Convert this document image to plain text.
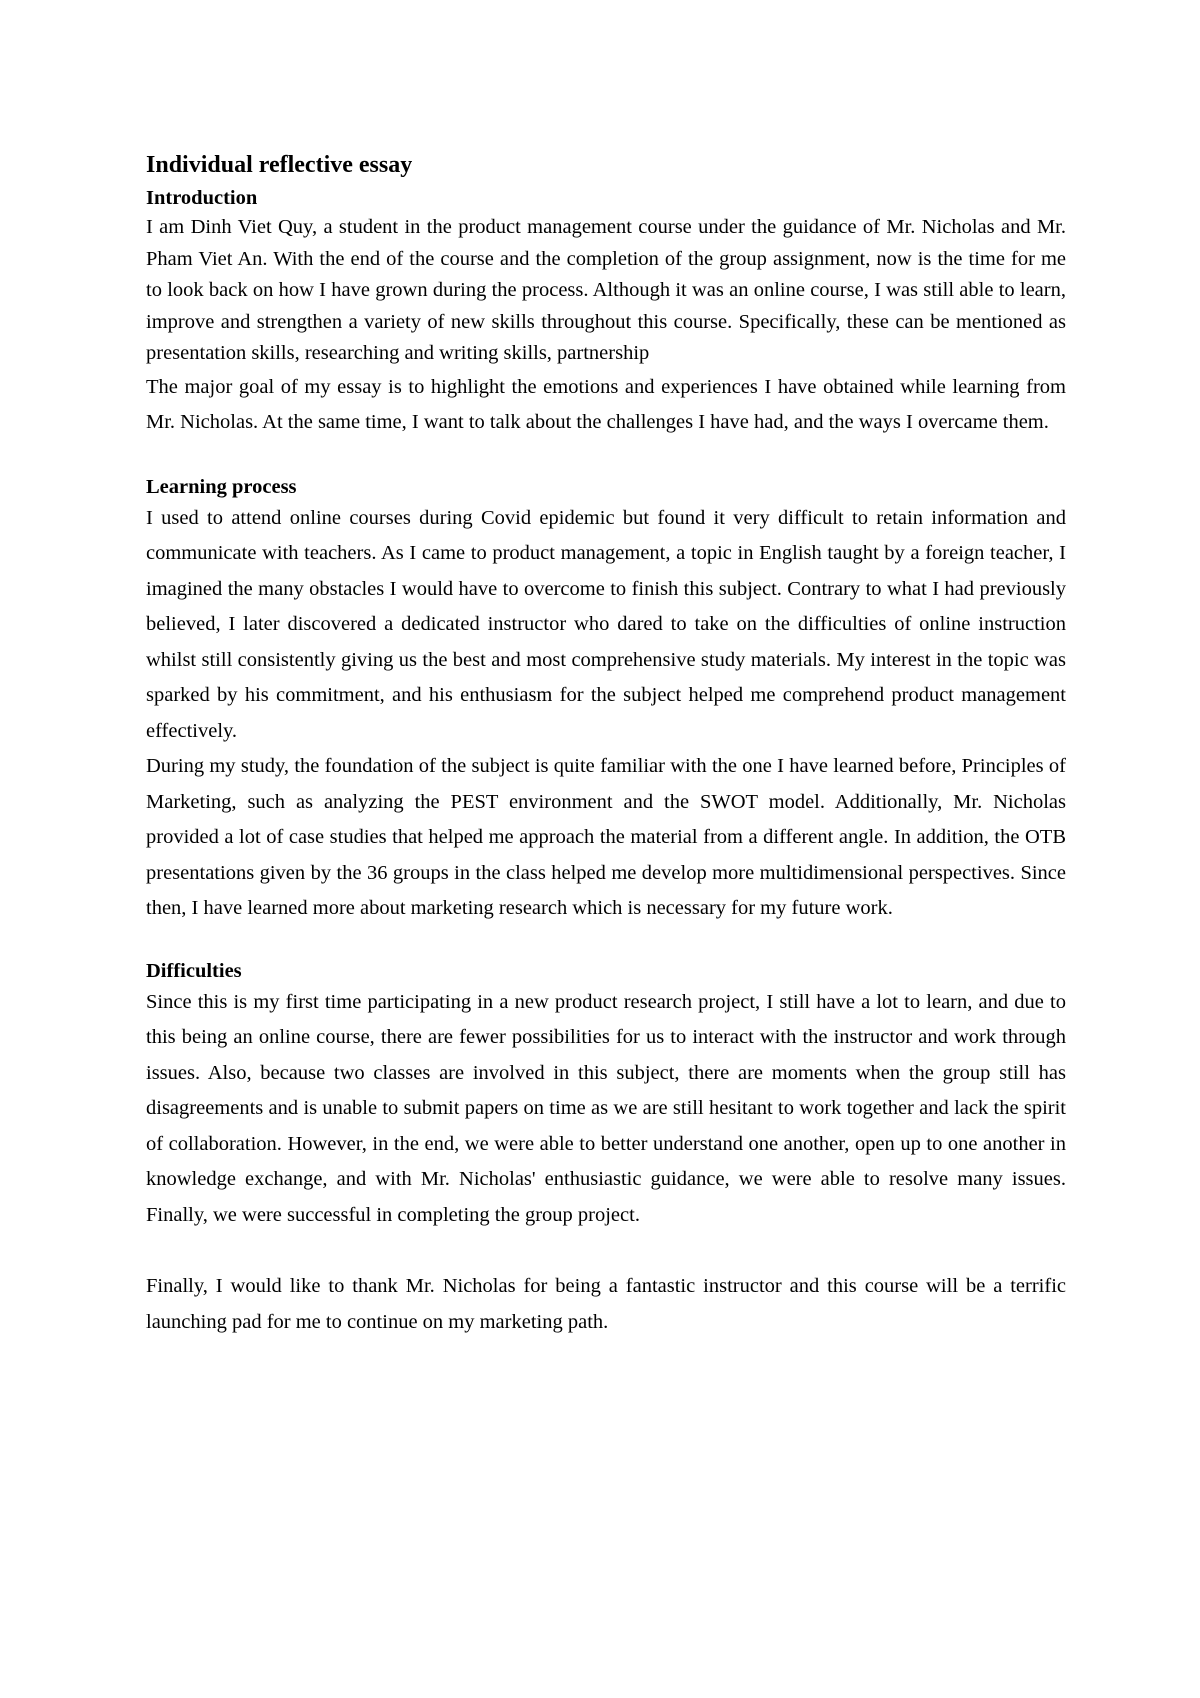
Individual reflective essay
Introduction

I am Dinh Viet Quy, a student in the product management course under the guidance of Mr. Nicholas and Mr. Pham Viet An. With the end of the course and the completion of the group assignment, now is the time for me to look back on how I have grown during the process. Although it was an online course, I was still able to learn, improve and strengthen a variety of new skills throughout this course. Specifically, these can be mentioned as presentation skills, researching and writing skills, partnership

The major goal of my essay is to highlight the emotions and experiences I have obtained while learning from Mr. Nicholas. At the same time, I want to talk about the challenges I have had, and the ways I overcame them.

Learning process

I used to attend online courses during Covid epidemic but found it very difficult to retain information and communicate with teachers. As I came to product management, a topic in English taught by a foreign teacher, I imagined the many obstacles I would have to overcome to finish this subject. Contrary to what I had previously believed, I later discovered a dedicated instructor who dared to take on the difficulties of online instruction whilst still consistently giving us the best and most comprehensive study materials. My interest in the topic was sparked by his commitment, and his enthusiasm for the subject helped me comprehend product management effectively.

During my study, the foundation of the subject is quite familiar with the one I have learned before, Principles of Marketing, such as analyzing the PEST environment and the SWOT model. Additionally, Mr. Nicholas provided a lot of case studies that helped me approach the material from a different angle. In addition, the OTB presentations given by the 36 groups in the class helped me develop more multidimensional perspectives. Since then, I have learned more about marketing research which is necessary for my future work.

Difficulties

Since this is my first time participating in a new product research project, I still have a lot to learn, and due to this being an online course, there are fewer possibilities for us to interact with the instructor and work through issues. Also, because two classes are involved in this subject, there are moments when the group still has disagreements and is unable to submit papers on time as we are still hesitant to work together and lack the spirit of collaboration. However, in the end, we were able to better understand one another, open up to one another in knowledge exchange, and with Mr. Nicholas' enthusiastic guidance, we were able to resolve many issues. Finally, we were successful in completing the group project.

Finally, I would like to thank Mr. Nicholas for being a fantastic instructor and this course will be a terrific launching pad for me to continue on my marketing path.
